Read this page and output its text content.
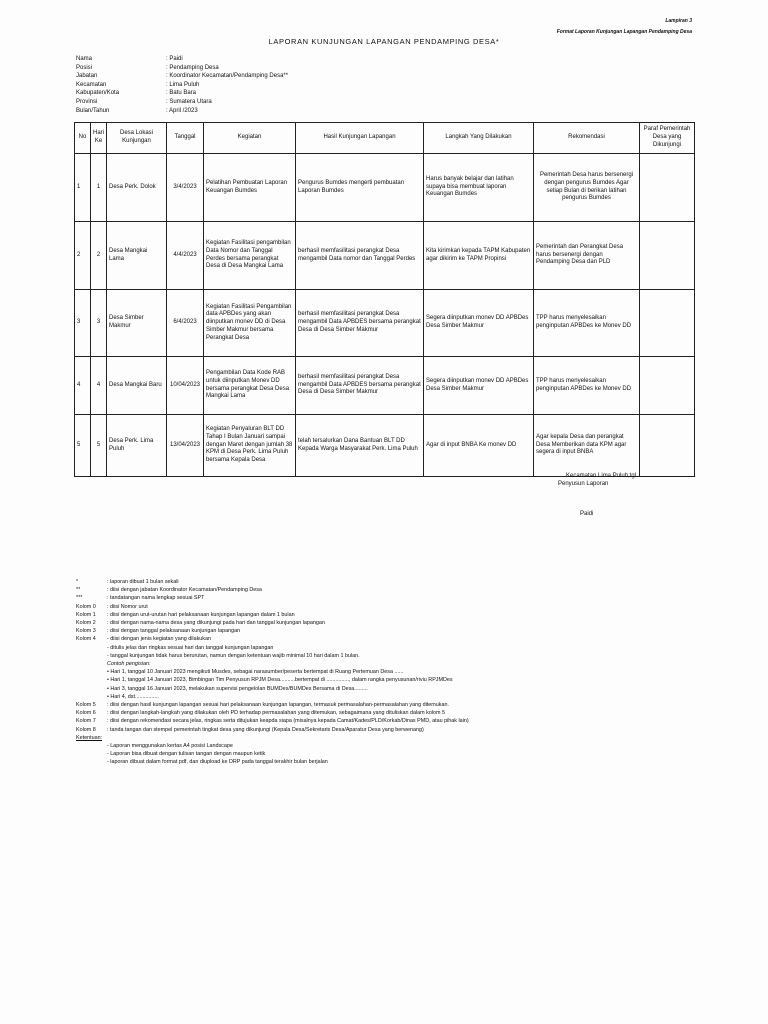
Lampiran 3
Format Laporan Kunjungan Lapangan Pendamping Desa
LAPORAN KUNJUNGAN LAPANGAN PENDAMPING DESA*
Nama	: Paidi
Posisi	: Pendamping Desa
Jabatan	: Koordinator Kecamatan/Pendamping Desa**
Kecamatan	: Lima Puluh
Kabupaten/Kota	: Batu Bara
Provinsi	: Sumatera Utara
Bulan/Tahun	: April /2023
No	Hari Ke	Desa Lokasi Kunjungan	Tanggal	Kegiatan	Hasil Kunjungan Lapangan	Langkah Yang Dilakukan	Rekomendasi	Paraf Pemerintah Desa yang Dikunjungi
1	1	Desa Perk. Dolok	3/4/2023	Pelatihan Pembuatan Laporan Keuangan Bumdes	Pengurus Bumdes mengerti pembuatan Laporan Bumdes	Harus banyak belajar dan latihan supaya bisa membuat laporan Keuangan Bumdes	Pemerintah Desa harus bersenergi dengan pengurus Bumdes Agar setiap Bulan di berikan latihan pengurus Bumdes	
2	2	Desa Mangkai Lama	4/4/2023	Kegiatan Fasilitasi pengambilan Data Nomor dan Tanggal Perdes bersama perangkat Desa di Desa Mangkai Lama	berhasil memfasilitasi perangkat Desa mengambil Data nomor dan Tanggal Perdes	Kita kirimkan kepada TAPM Kabupaten agar dikirim ke TAPM Propinsi	Pemerintah dan Perangkat Desa harus bersenergi dengan Pendamping Desa dan PLD	
3	3	Desa Simber Makmur	6/4/2023	Kegiatan Fasilitasi Pengambilan data APBDes yang akan diinputkan monev DD di Desa Simber Makmur bersama Perangkat Desa	berhasil memfasilitasi perangkat Desa mengambil Data APBDES bersama perangkat Desa di Desa Simber Makmur	Segera diinputkan monev DD APBDes Desa Simber Makmur	TPP harus menyelesaikan penginputan APBDes ke Monev DD	
4	4	Desa Mangkai Baru	10/04/2023	Pengambilan Data Kode RAB untuk diinputkan Monev DD bersama perangkat Desa Desa Mangkai Lama	berhasil memfasilitasi perangkat Desa mengambil Data APBDES bersama perangkat Desa di Desa Simber Makmur	Segera diinputkan monev DD APBDes Desa Simber Makmur	TPP harus menyelesaikan penginputan APBDes ke Monev DD	
5	5	Desa Perk. Lima Puluh	13/04/2023	Kegiatan Penyaluran BLT DD Tahap I Bulan Januari sampai dengan Maret dengan jumlah 38 KPM di Desa Perk. Lima Puluh bersama Kepala Desa	telah tersalurkan Dana Bantuan BLT DD Kepada Warga Masyarakat Perk. Lima Puluh	Agar di input BNBA Ke monev DD	Agar kepala Desa dan perangkat Desa Memberikan data KPM agar segera di input BNBA	
Kecamatan Lima Puluh,tgl…………………………
Penyusun Laporan
Paidi
*	: laporan dibuat 1 bulan sekali
**	: diisi dengan jabatan Koordinator Kecamatan/Pendamping Desa
***	: tandatangan nama lengkap sesuai SPT
Kolom 0	: diisi Nomor urut
Kolom 1	: diisi dengan urut-urutan hari pelaksanaan kunjungan lapangan dalam 1 bulan
Kolom 2	: diisi dengan nama-nama desa yang dikunjungi pada hari dan tanggal kunjungan lapangan
Kolom 3	: diisi dengan tanggal pelaksanaan kunjungan lapangan
Kolom 4	- diisi dengan jenis kegiatan yang dilakukan
- ditulis jelas dan ringkas sesuai hari dan tanggal kunjungan lapangan
- tanggal kunjungan tidak harus berurutan, namun dengan ketentuan wajib minimal 10 hari dalam 1 bulan.
Contoh pengisian:
• Hari 1, tanggal 10 Januari 2023 mengikuti Musdes, sebagai narasumber/peserta bertempat di Ruang Pertemuan Desa ......
• Hari 1, tanggal 14 Januari 2023, Bimbingan Tim Penyusun RPJM Desa..........bertempat di ..............., dalam rangka penyusunan/riviu RPJMDes
• Hari 3, tanggal 16 Januari 2023, melakukan supervisi pengelolan BUMDes/BUMDes Bersama di Desa.........
• Hari 4, dst................
Kolom 5	: diisi dengan hasil kunjungan lapangan sesuai hari pelaksanaan kunjungan lapangan, termasuk permasalahan-permasalahan yang ditemukan.
Kolom 6	: diisi dengan langkah-langkah yang dilakukan oleh PD terhadap permasalahan yang ditemukan, sebagaimana yang dituliskan dalam kolom 5
Kolom 7	: diisi dengan rekomendasi secara jelas, ringkas serta ditujukan keapda siapa (misalnya kepada Camat/Kades/PLD/Korkab/Dinas PMD, atau pihak lain)
Kolom 8	: tanda tangan dan stempel pemerintah tingkat desa yang dikunjungi (Kepala Desa/Sekretaris Desa/Aparatur Desa yang berwenang)
Ketentuan:
- Laporan menggunakan kertas A4 posisi Landscape
- Laporan bisa dibuat dengan tulisan tangan dengan maupun ketik
- laporan dibuat dalam format pdf, dan diupload ke DRP pada tanggal terakhir bulan berjalan
